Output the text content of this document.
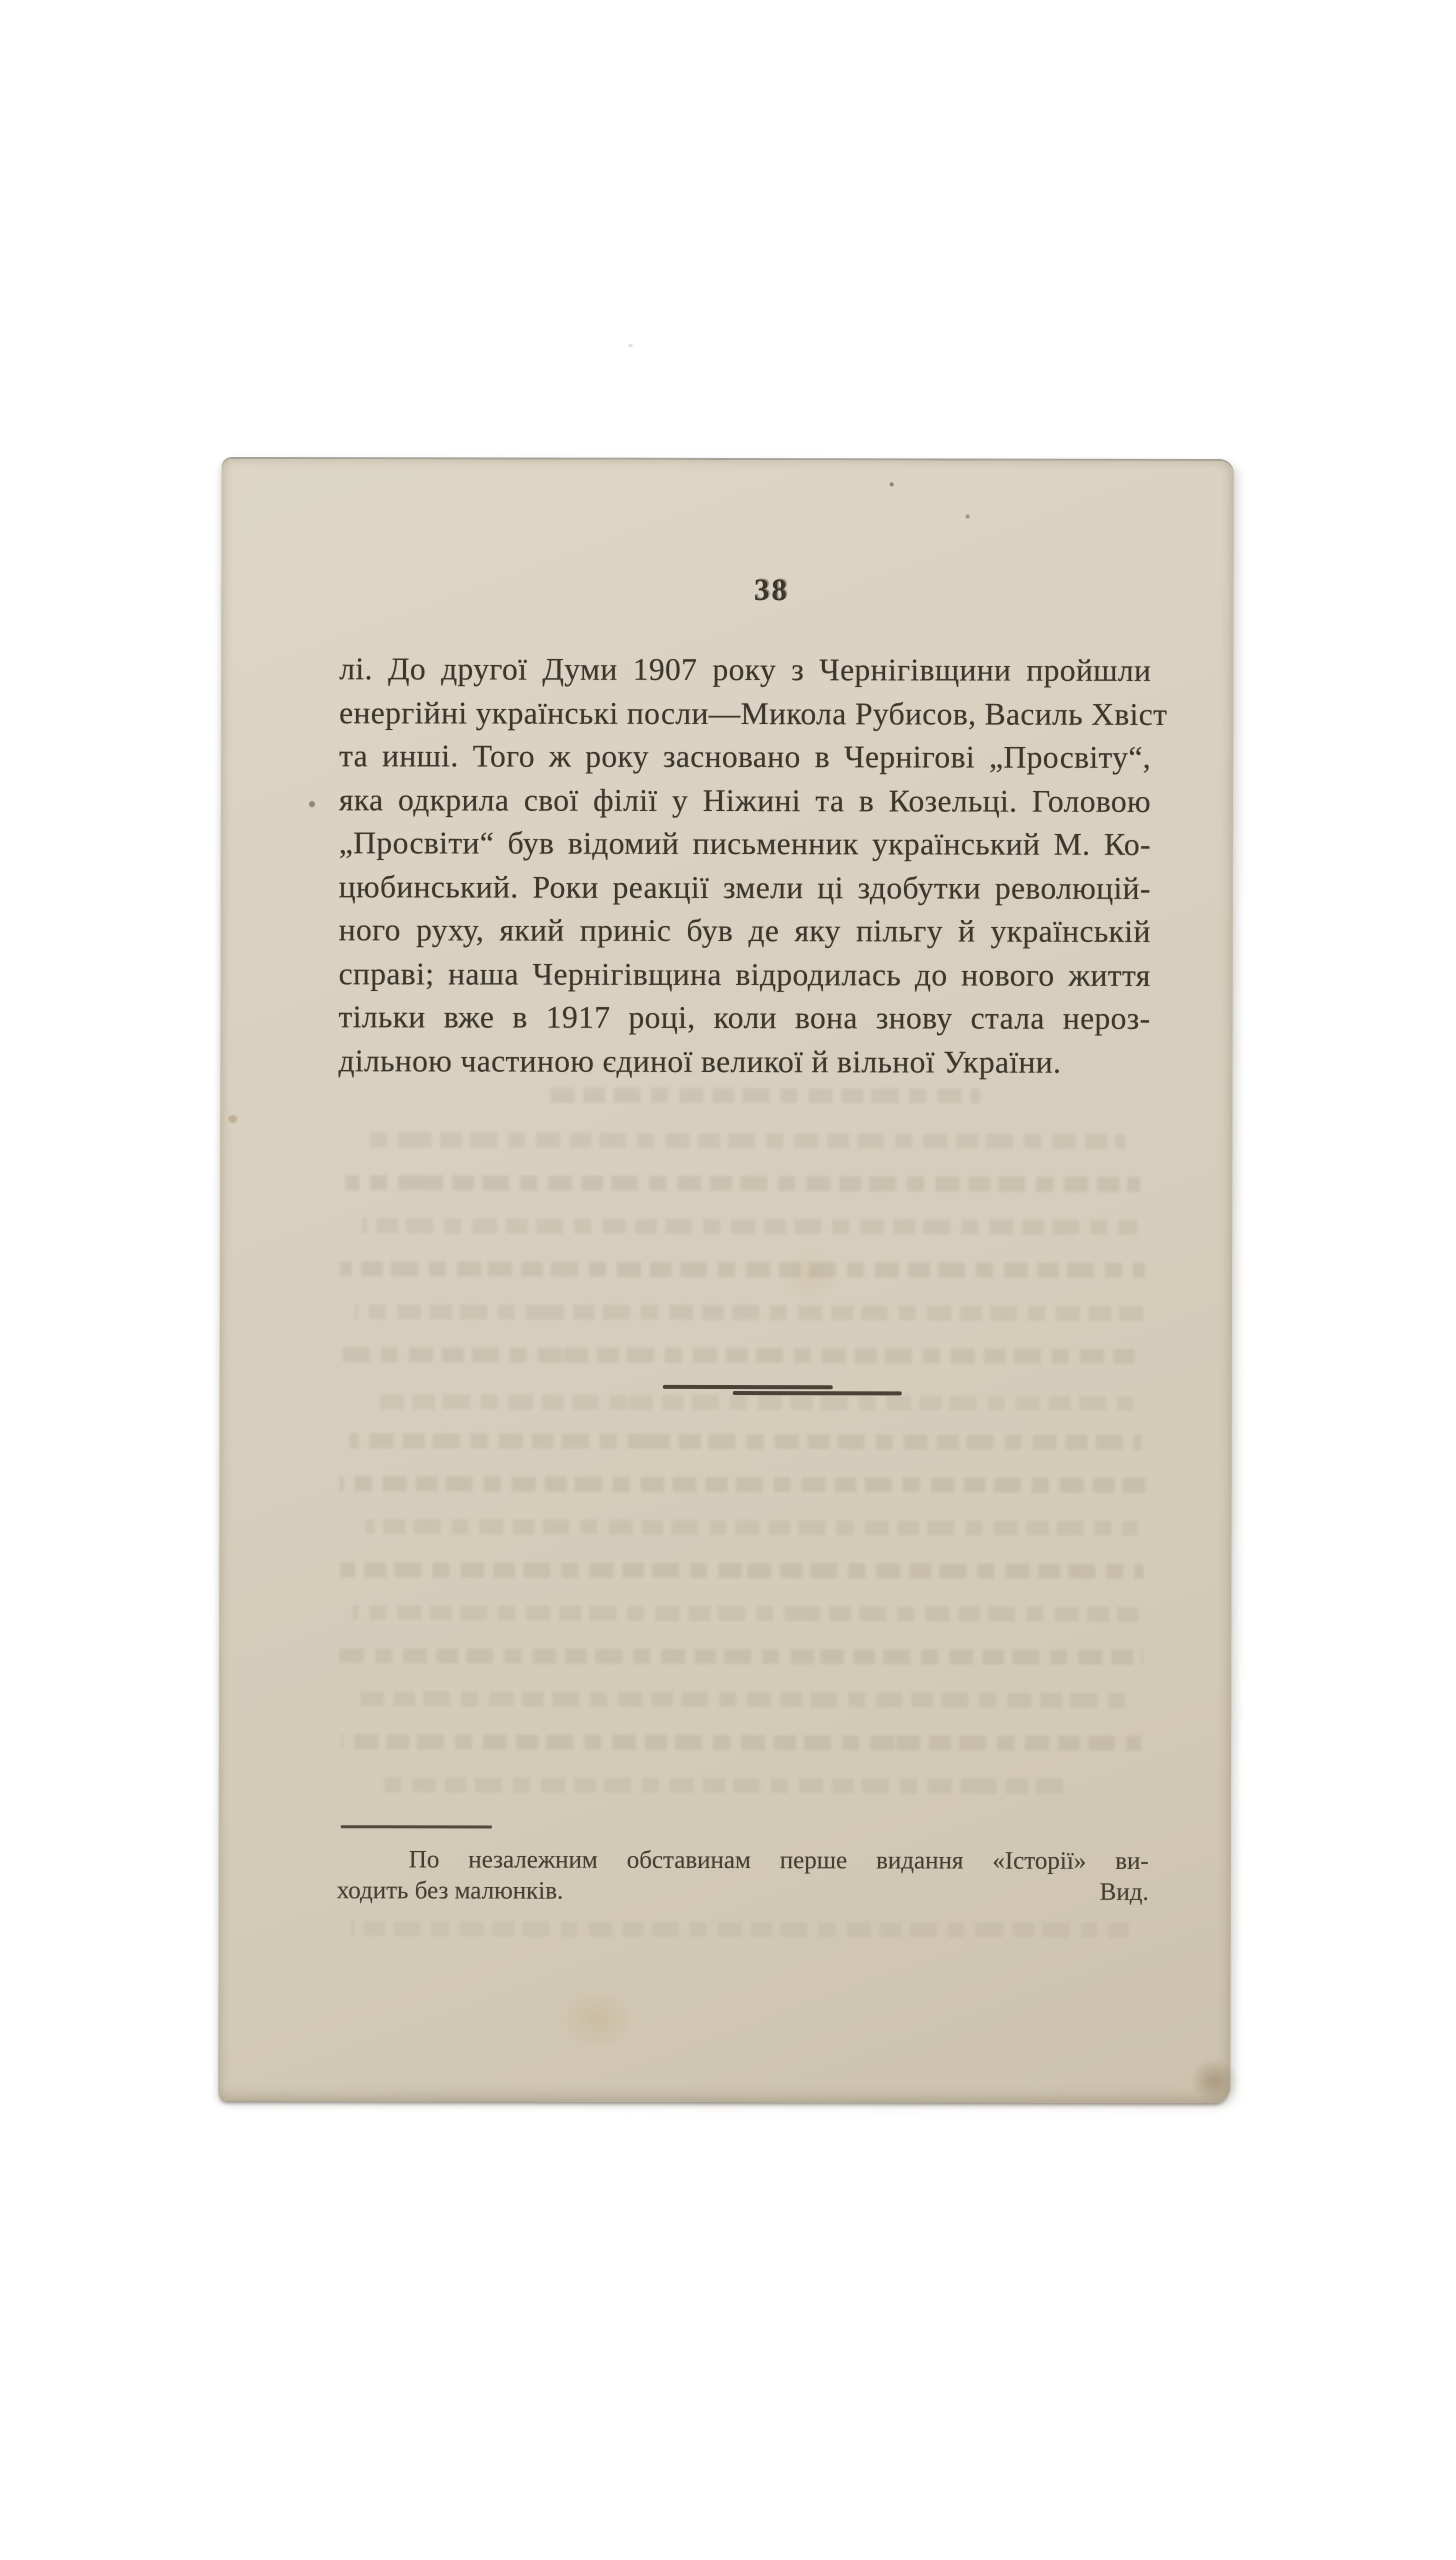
38
лі. До другої Думи 1907 року з Чернігівщини пройшли
енергійні українські посли—Микола Рубисов, Василь Хвіст
та инші. Того ж року засновано в Чернігові „Просвіту“,
яка одкрила свої філії у Ніжині та в Козельці. Головою
„Просвіти“ був відомий письменник український М. Ко-
цюбинський. Роки реакції змели ці здобутки революцій-
ного руху, який приніс був де яку пільгу й українській
справі; наша Чернігівщина відродилась до нового життя
тільки вже в 1917 році, коли вона знову стала нероз-
дільною частиною єдиної великої й вільної України.
По незалежним обставинам перше видання «Історії» ви-
ходить без малюнків.	Вид.
